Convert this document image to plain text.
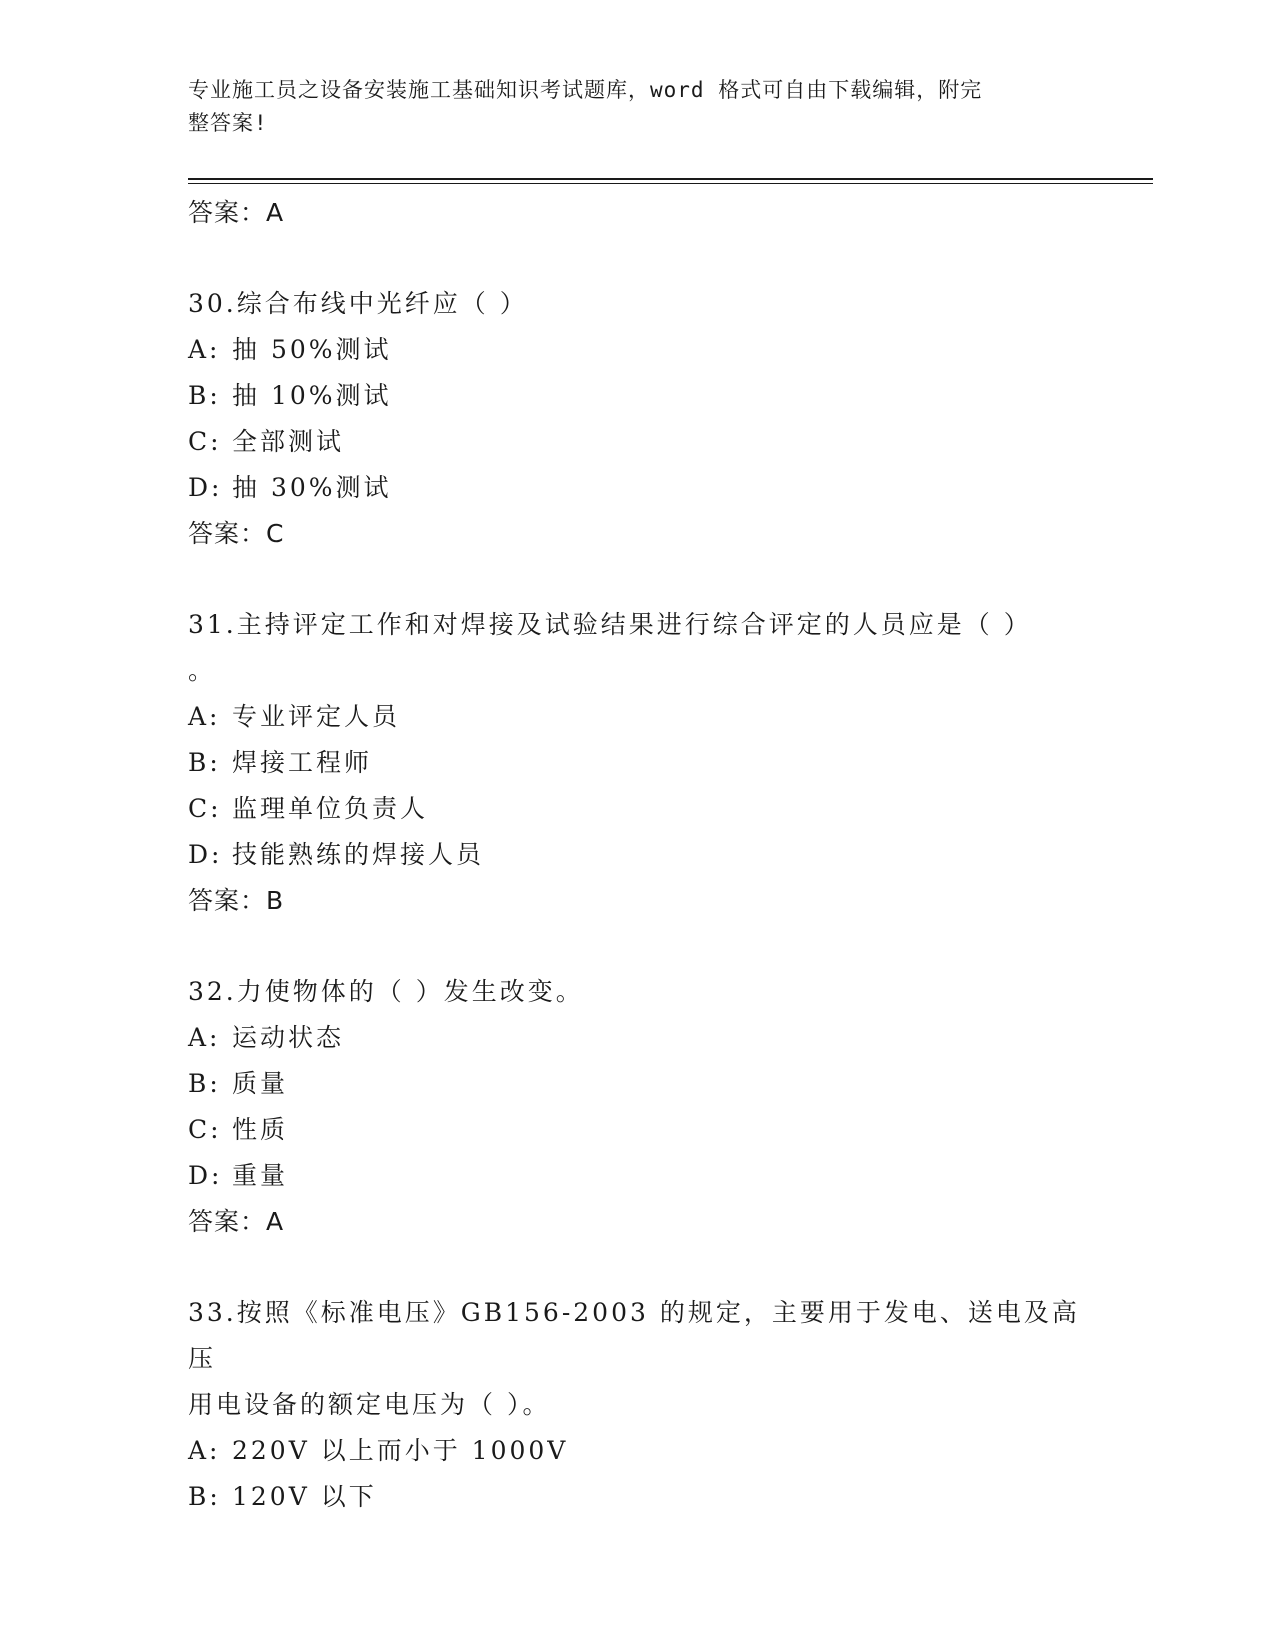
专业施工员之设备安装施工基础知识考试题库，word 格式可自由下载编辑，附完
整答案!
答案：A
30.综合布线中光纤应（ ）
A: 抽 50%测试
B: 抽 10%测试
C: 全部测试
D: 抽 30%测试
答案：C
31.主持评定工作和对焊接及试验结果进行综合评定的人员应是（ ）
。
A: 专业评定人员
B: 焊接工程师
C: 监理单位负责人
D: 技能熟练的焊接人员
答案：B
32.力使物体的（ ）发生改变。
A: 运动状态
B: 质量
C: 性质
D: 重量
答案：A
33.按照《标准电压》GB156-2003 的规定，主要用于发电、送电及高压
用电设备的额定电压为（ ）。
A: 220V 以上而小于 1000V
B: 120V 以下
